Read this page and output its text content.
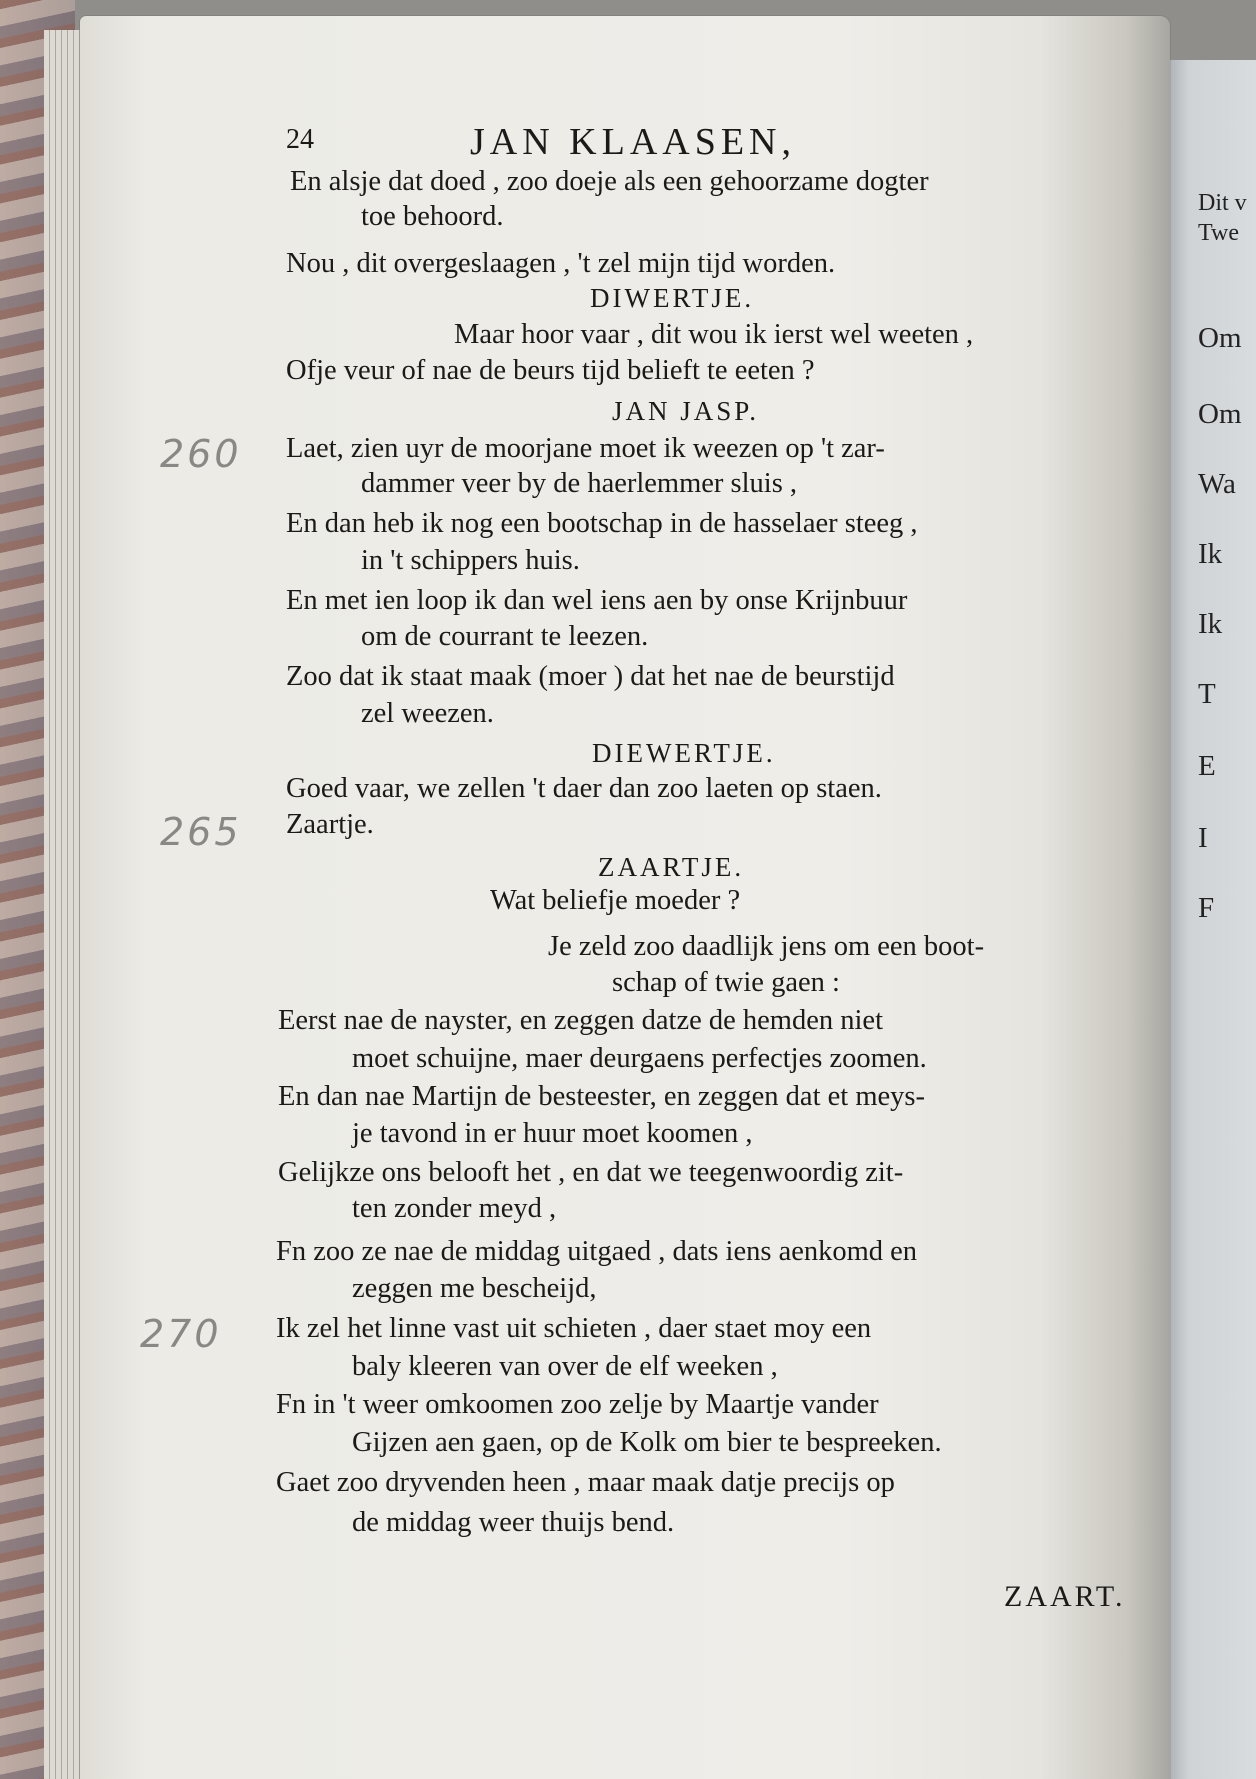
Dit v
Twe
Om
Om
Wa
Ik
Ik
T
E
I
F
24	JAN KLAASEN,
260
265
270
En alsje dat doed , zoo doeje als een gehoorzame dogter
toe behoord.
Nou , dit overgeslaagen , 't zel mijn tijd worden.
DIWERTJE.
Maar hoor vaar , dit wou ik ierst wel weeten ,
Ofje veur of nae de beurs tijd belieft te eeten ?
JAN JASP.
Laet, zien uyr de moorjane moet ik weezen op 't zar-
dammer veer by de haerlemmer sluis ,
En dan heb ik nog een bootschap in de hasselaer steeg ,
in 't schippers huis.
En met ien loop ik dan wel iens aen by onse Krijnbuur
om de courrant te leezen.
Zoo dat ik staat maak (moer ) dat het nae de beurstijd
zel weezen.
DIEWERTJE.
Goed vaar, we zellen 't daer dan zoo laeten op staen.
Zaartje.
ZAARTJE.
Wat beliefje moeder ?
Je zeld zoo daadlijk jens om een boot-
schap of twie gaen :
Eerst nae de nayster, en zeggen datze de hemden niet
moet schuijne, maer deurgaens perfectjes zoomen.
En dan nae Martijn de besteester, en zeggen dat et meys-
je tavond in er huur moet koomen ,
Gelijkze ons belooft het , en dat we teegenwoordig zit-
ten zonder meyd ,
Fn zoo ze nae de middag uitgaed , dats iens aenkomd en
zeggen me bescheijd,
Ik zel het linne vast uit schieten , daer staet moy een
baly kleeren van over de elf weeken ,
Fn in 't weer omkoomen zoo zelje by Maartje vander
Gijzen aen gaen, op de Kolk om bier te bespreeken.
Gaet zoo dryvenden heen , maar maak datje precijs op
de middag weer thuijs bend.
ZAART.
